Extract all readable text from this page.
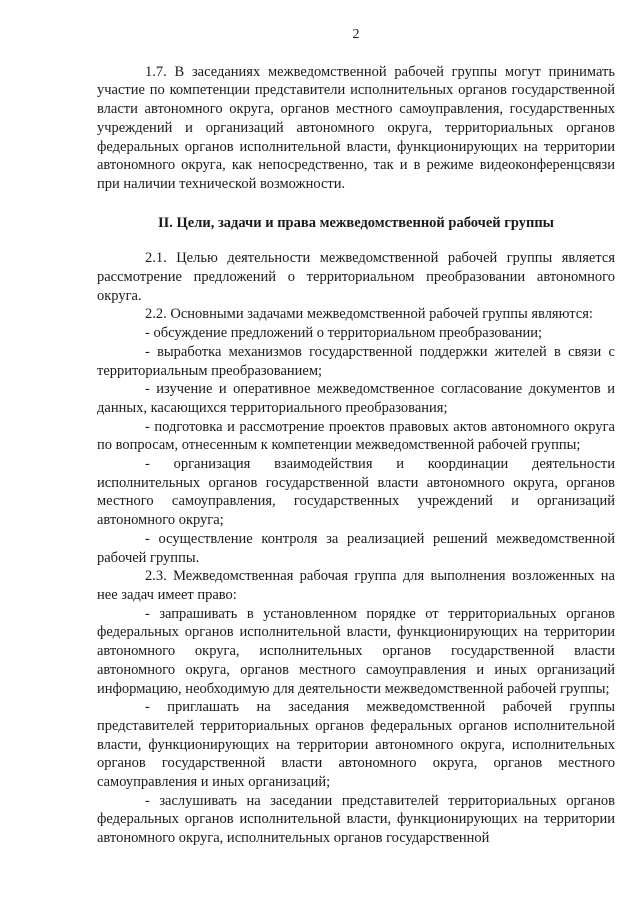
2

1.7. В заседаниях межведомственной рабочей группы могут принимать участие по компетенции представители исполнительных органов государственной власти автономного округа, органов местного самоуправления, государственных учреждений и организаций автономного округа, территориальных органов федеральных органов исполнительной власти, функционирующих на территории автономного округа, как непосредственно, так и в режиме видеоконференцсвязи при наличии технической возможности.

II. Цели, задачи и права межведомственной рабочей группы

2.1. Целью деятельности межведомственной рабочей группы является рассмотрение предложений о территориальном преобразовании автономного округа.

2.2. Основными задачами межведомственной рабочей группы являются:

- обсуждение предложений о территориальном преобразовании;

- выработка механизмов государственной поддержки жителей в связи с территориальным преобразованием;

- изучение и оперативное межведомственное согласование документов и данных, касающихся территориального преобразования;

- подготовка и рассмотрение проектов правовых актов автономного округа по вопросам, отнесенным к компетенции межведомственной рабочей группы;

- организация взаимодействия и координации деятельности исполнительных органов государственной власти автономного округа, органов местного самоуправления, государственных учреждений и организаций автономного округа;

- осуществление контроля за реализацией решений межведомственной рабочей группы.

2.3. Межведомственная рабочая группа для выполнения возложенных на нее задач имеет право:

- запрашивать в установленном порядке от территориальных органов федеральных органов исполнительной власти, функционирующих на территории автономного округа, исполнительных органов государственной власти автономного округа, органов местного самоуправления и иных организаций информацию, необходимую для деятельности межведомственной рабочей группы;

- приглашать на заседания межведомственной рабочей группы представителей территориальных органов федеральных органов исполнительной власти, функционирующих на территории автономного округа, исполнительных органов государственной власти автономного округа, органов местного самоуправления и иных организаций;

- заслушивать на заседании представителей территориальных органов федеральных органов исполнительной власти, функционирующих на территории автономного округа, исполнительных органов государственной
